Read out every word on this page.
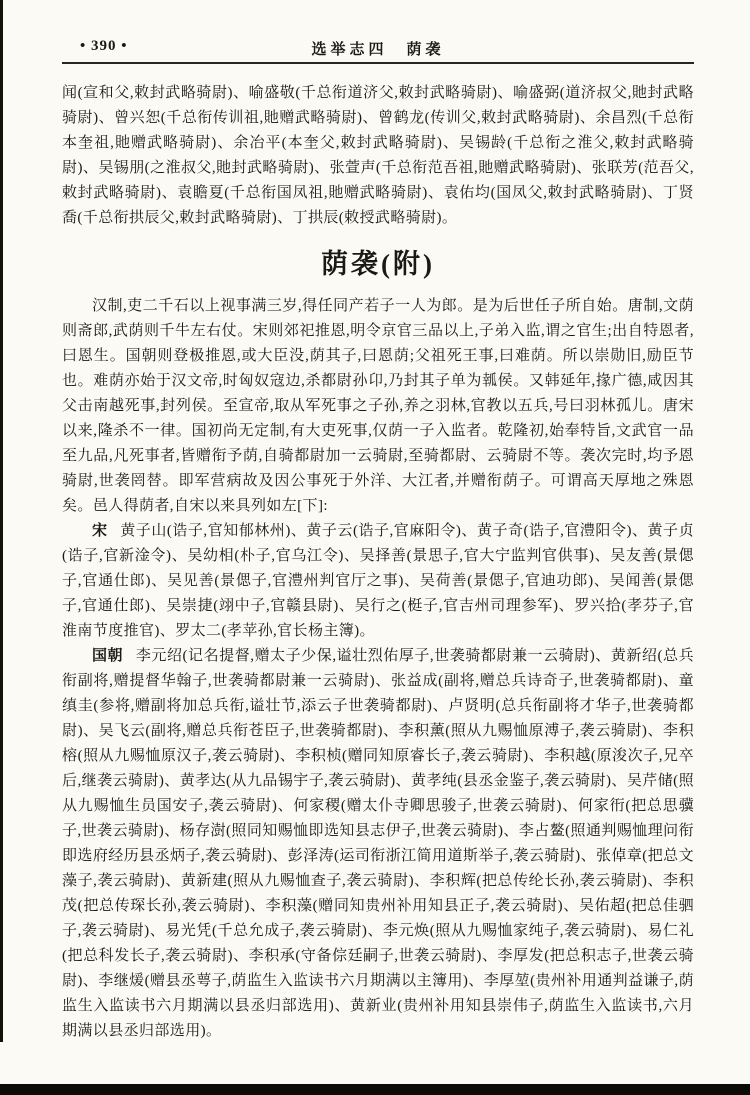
• 390 •	选举志四　荫袭

闻(宣和父,敕封武略骑尉)、喻盛敬(千总衔道济父,敕封武略骑尉)、喻盛弼(道济叔父,貤封武略骑尉)、曾兴恕(千总衔传训祖,貤赠武略骑尉)、曾鹤龙(传训父,敕封武略骑尉)、余昌烈(千总衔本奎祖,貤赠武略骑尉)、余冶平(本奎父,敕封武略骑尉)、吴锡龄(千总衔之淮父,敕封武略骑尉)、吴锡朋(之淮叔父,貤封武略骑尉)、张萱声(千总衔范吾祖,貤赠武略骑尉)、张联芳(范吾父,敕封武略骑尉)、袁瞻夏(千总衔国凤祖,貤赠武略骑尉)、袁佑均(国凤父,敕封武略骑尉)、丁贤喬(千总衔拱辰父,敕封武略骑尉)、丁拱辰(敕授武略骑尉)。

荫袭(附)

汉制,吏二千石以上视事满三岁,得任同产若子一人为郎。是为后世任子所自始。唐制,文荫则斋郎,武荫则千牛左右仗。宋则郊祀推恩,明令京官三品以上,子弟入监,谓之官生;出自特恩者,曰恩生。国朝则登极推恩,或大臣没,荫其子,曰恩荫;父祖死王事,曰难荫。所以崇勋旧,励臣节也。难荫亦始于汉文帝,时匈奴寇边,杀都尉孙卬,乃封其子单为瓡侯。又韩延年,掾广德,咸因其父击南越死事,封列侯。至宣帝,取从军死事之子孙,养之羽林,官教以五兵,号曰羽林孤儿。唐宋以来,隆杀不一律。国初尚无定制,有大吏死事,仅荫一子入监者。乾隆初,始奉特旨,文武官一品至九品,凡死事者,皆赠衔予荫,自骑都尉加一云骑尉,至骑都尉、云骑尉不等。袭次完时,均予恩骑尉,世袭罔替。即军营病故及因公事死于外洋、大江者,并赠衔荫子。可谓高天厚地之殊恩矣。邑人得荫者,自宋以来具列如左[下]:

宋 黄子山(诰子,官知郁林州)、黄子云(诰子,官麻阳令)、黄子奇(诰子,官澧阳令)、黄子贞(诰子,官新淦令)、吴幼相(朴子,官乌江令)、吴择善(景思子,官大宁监判官供事)、吴友善(景偲子,官通仕郎)、吴见善(景偲子,官澧州判官厅之事)、吴荷善(景偲子,官迪功郎)、吴闻善(景偲子,官通仕郎)、吴崇捷(翊中子,官赣县尉)、吴行之(梃子,官吉州司理参军)、罗兴拾(孝芬子,官淮南节度推官)、罗太二(孝苹孙,官长杨主簿)。

国朝 李元绍(记名提督,赠太子少保,谥壮烈佑厚子,世袭骑都尉兼一云骑尉)、黄新绍(总兵衔副将,赠提督华翰子,世袭骑都尉兼一云骑尉)、张益成(副将,赠总兵诗奇子,世袭骑都尉)、童缜圭(参将,赠副将加总兵衔,谥壮节,添云子世袭骑都尉)、卢贤明(总兵衔副将才华子,世袭骑都尉)、吴飞云(副将,赠总兵衔苍臣子,世袭骑都尉)、李积薰(照从九赐恤原溥子,袭云骑尉)、李积榕(照从九赐恤原汉子,袭云骑尉)、李积桢(赠同知原睿长子,袭云骑尉)、李积越(原浚次子,兄卒后,继袭云骑尉)、黄孝达(从九品锡宇子,袭云骑尉)、黄孝纯(县丞金鉴子,袭云骑尉)、吴芹储(照从九赐恤生员国安子,袭云骑尉)、何家稷(赠太仆寺卿思骏子,世袭云骑尉)、何家衎(把总思骥子,世袭云骑尉)、杨存澍(照同知赐恤即选知县志伊子,世袭云骑尉)、李占鳌(照通判赐恤理问衔即选府经历县丞炳子,袭云骑尉)、彭泽涛(运司衔浙江简用道斯举子,袭云骑尉)、张倬章(把总文藻子,袭云骑尉)、黄新建(照从九赐恤查子,袭云骑尉)、李积辉(把总传纶长孙,袭云骑尉)、李积茂(把总传琛长孙,袭云骑尉)、李积藻(赠同知贵州补用知县正子,袭云骑尉)、吴佑超(把总佳驷子,袭云骑尉)、易光凭(千总允成子,袭云骑尉)、李元焕(照从九赐恤家纯子,袭云骑尉)、易仁礼(把总科发长子,袭云骑尉)、李积承(守备倧廷嗣子,世袭云骑尉)、李厚发(把总积志子,世袭云骑尉)、李继煖(赠县丞萼子,荫监生入监读书六月期满以主簿用)、李厚堃(贵州补用通判益谦子,荫监生入监读书六月期满以县丞归部选用)、黄新业(贵州补用知县崇伟子,荫监生入监读书,六月期满以县丞归部选用)。
